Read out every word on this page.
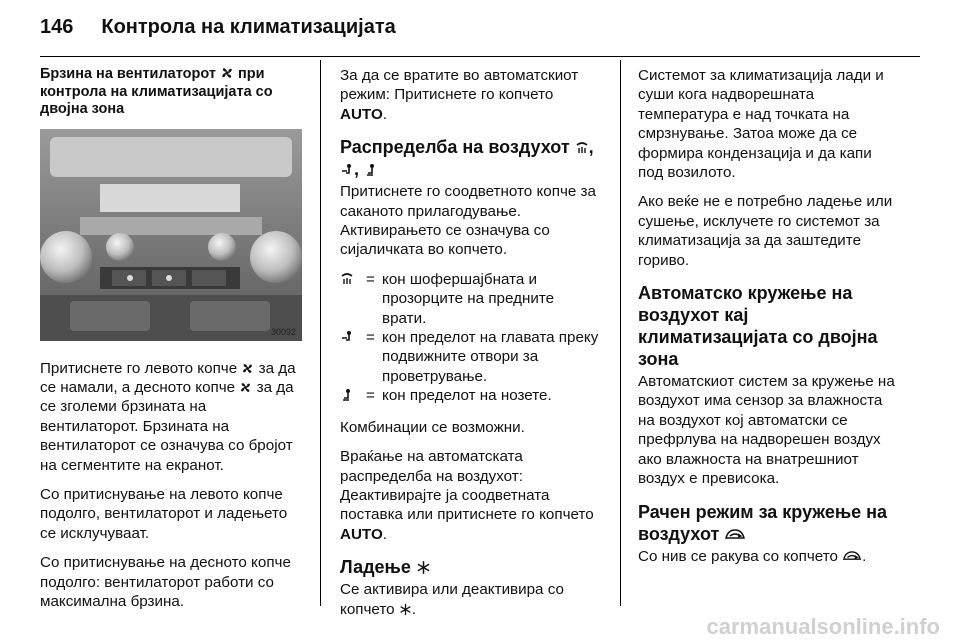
146 Контрола на климатизацијата
Брзина на вентилаторот при контрола на климатизацијата со двојна зона
30092

Притиснете го левото копче за да се намали, а десното копче за да се зголеми брзината на вентилаторот. Брзината на вентилаторот се означува со бројот на сегментите на екранот.

Со притиснување на левото копче подолго, вентилаторот и ладењето се исклучуваат.

Со притиснување на десното копче подолго: вентилаторот работи со максимална брзина.

За да се вратите во автоматскиот режим: Притиснете го копчето AUTO.

Распределба на воздухот , ,

Притиснете го соодветното копче за саканото прилагодување. Активирањето се означува со сијаличката во копчето.

= кон шофершајбната и прозорците на предните врати.
= кон пределот на главата преку подвижните отвори за проветрување.
= кон пределот на нозете.

Комбинации се возможни.

Враќање на автоматската распределба на воздухот: Деактивирајте ја соодветната поставка или притиснете го копчето AUTO.

Ладење

Се активира или деактивира со копчето .

Системот за климатизација лади и суши кога надворешната температура е над точката на смрзнување. Затоа може да се формира кондензација и да капи под возилото.

Ако веќе не е потребно ладење или сушење, исклучете го системот за климатизација за да заштедите гориво.

Автоматско кружење на воздухот кај климатизацијата со двојна зона

Автоматскиот систем за кружење на воздухот има сензор за влажноста на воздухот кој автоматски се префрлува на надворешен воздух ако влажноста на внатрешниот воздух е превисока.

Рачен режим за кружење на воздухот

Со нив се ракува со копчето .

carmanualsonline.info
